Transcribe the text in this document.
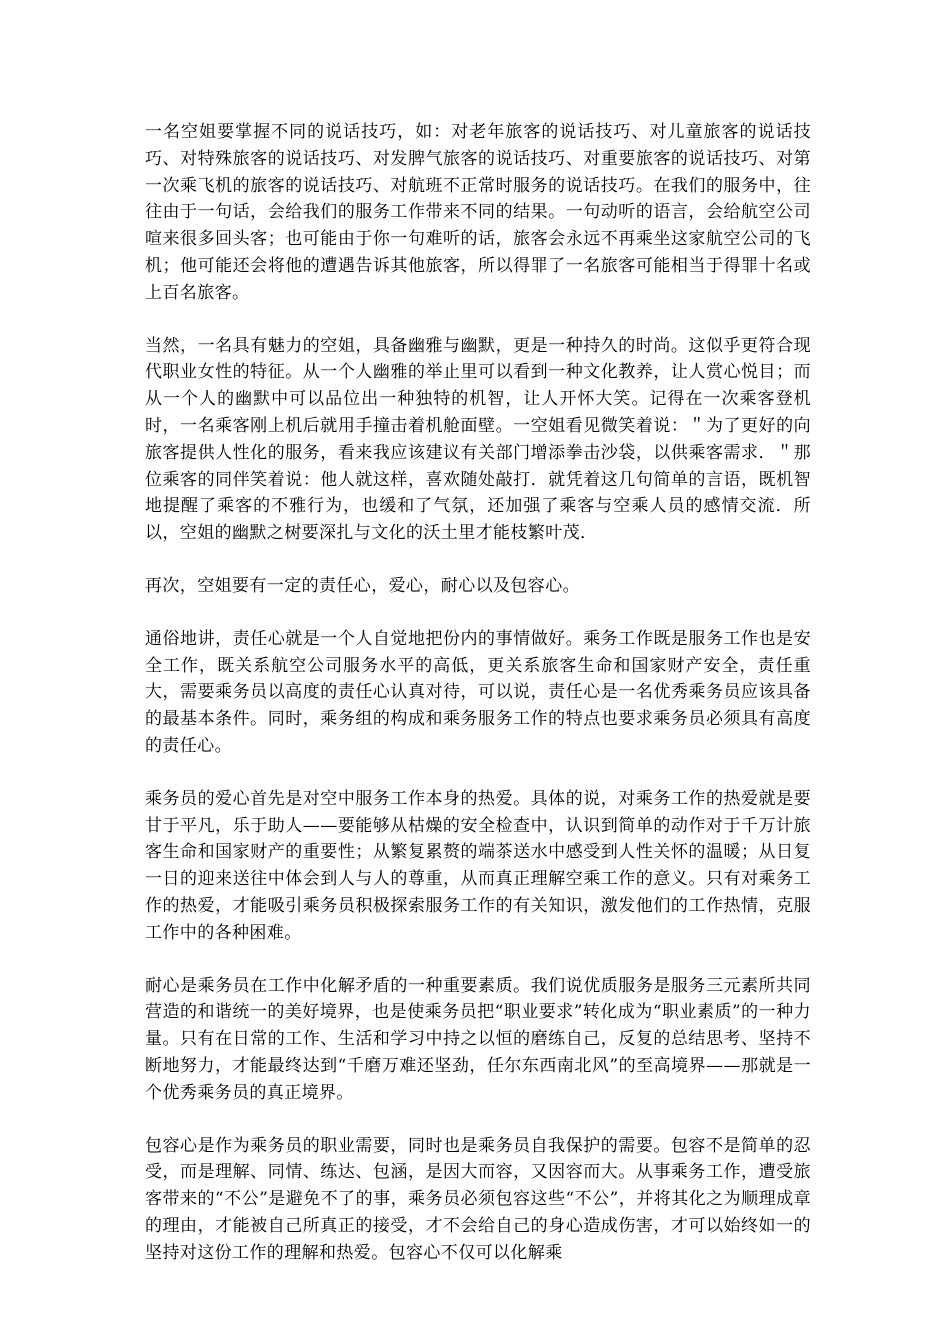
一名空姐要掌握不同的说话技巧，如：对老年旅客的说话技巧、对儿童旅客的说话技巧、对特殊旅客的说话技巧、对发脾气旅客的说话技巧、对重要旅客的说话技巧、对第一次乘飞机的旅客的说话技巧、对航班不正常时服务的说话技巧。在我们的服务中，往往由于一句话，会给我们的服务工作带来不同的结果。一句动听的语言，会给航空公司喧来很多回头客；也可能由于你一句难听的话，旅客会永远不再乘坐这家航空公司的飞机；他可能还会将他的遭遇告诉其他旅客，所以得罪了一名旅客可能相当于得罪十名或上百名旅客。

当然，一名具有魅力的空姐，具备幽雅与幽默，更是一种持久的时尚。这似乎更符合现代职业女性的特征。从一个人幽雅的举止里可以看到一种文化教养，让人赏心悦目；而从一个人的幽默中可以品位出一种独特的机智，让人开怀大笑。记得在一次乘客登机时，一名乘客刚上机后就用手撞击着机舱面壁。一空姐看见微笑着说：＂为了更好的向旅客提供人性化的服务，看来我应该建议有关部门增添拳击沙袋，以供乘客需求．＂那位乘客的同伴笑着说：他人就这样，喜欢随处敲打．就凭着这几句简单的言语，既机智地提醒了乘客的不雅行为，也缓和了气氛，还加强了乘客与空乘人员的感情交流．所以，空姐的幽默之树要深扎与文化的沃土里才能枝繁叶茂．

再次，空姐要有一定的责任心，爱心，耐心以及包容心。

通俗地讲，责任心就是一个人自觉地把份内的事情做好。乘务工作既是服务工作也是安全工作，既关系航空公司服务水平的高低，更关系旅客生命和国家财产安全，责任重大，需要乘务员以高度的责任心认真对待，可以说，责任心是一名优秀乘务员应该具备的最基本条件。同时，乘务组的构成和乘务服务工作的特点也要求乘务员必须具有高度的责任心。

乘务员的爱心首先是对空中服务工作本身的热爱。具体的说，对乘务工作的热爱就是要甘于平凡，乐于助人——要能够从枯燥的安全检查中，认识到简单的动作对于千万计旅客生命和国家财产的重要性；从繁复累赘的端茶送水中感受到人性关怀的温暖；从日复一日的迎来送往中体会到人与人的尊重，从而真正理解空乘工作的意义。只有对乘务工作的热爱，才能吸引乘务员积极探索服务工作的有关知识，激发他们的工作热情，克服工作中的各种困难。

耐心是乘务员在工作中化解矛盾的一种重要素质。我们说优质服务是服务三元素所共同营造的和谐统一的美好境界，也是使乘务员把“职业要求”转化成为“职业素质”的一种力量。只有在日常的工作、生活和学习中持之以恒的磨练自己，反复的总结思考、坚持不断地努力，才能最终达到“千磨万难还坚劲，任尔东西南北风”的至高境界——那就是一个优秀乘务员的真正境界。

包容心是作为乘务员的职业需要，同时也是乘务员自我保护的需要。包容不是简单的忍受，而是理解、同情、练达、包涵，是因大而容，又因容而大。从事乘务工作，遭受旅客带来的“不公”是避免不了的事，乘务员必须包容这些“不公”，并将其化之为顺理成章的理由，才能被自己所真正的接受，才不会给自己的身心造成伤害，才可以始终如一的坚持对这份工作的理解和热爱。包容心不仅可以化解乘
